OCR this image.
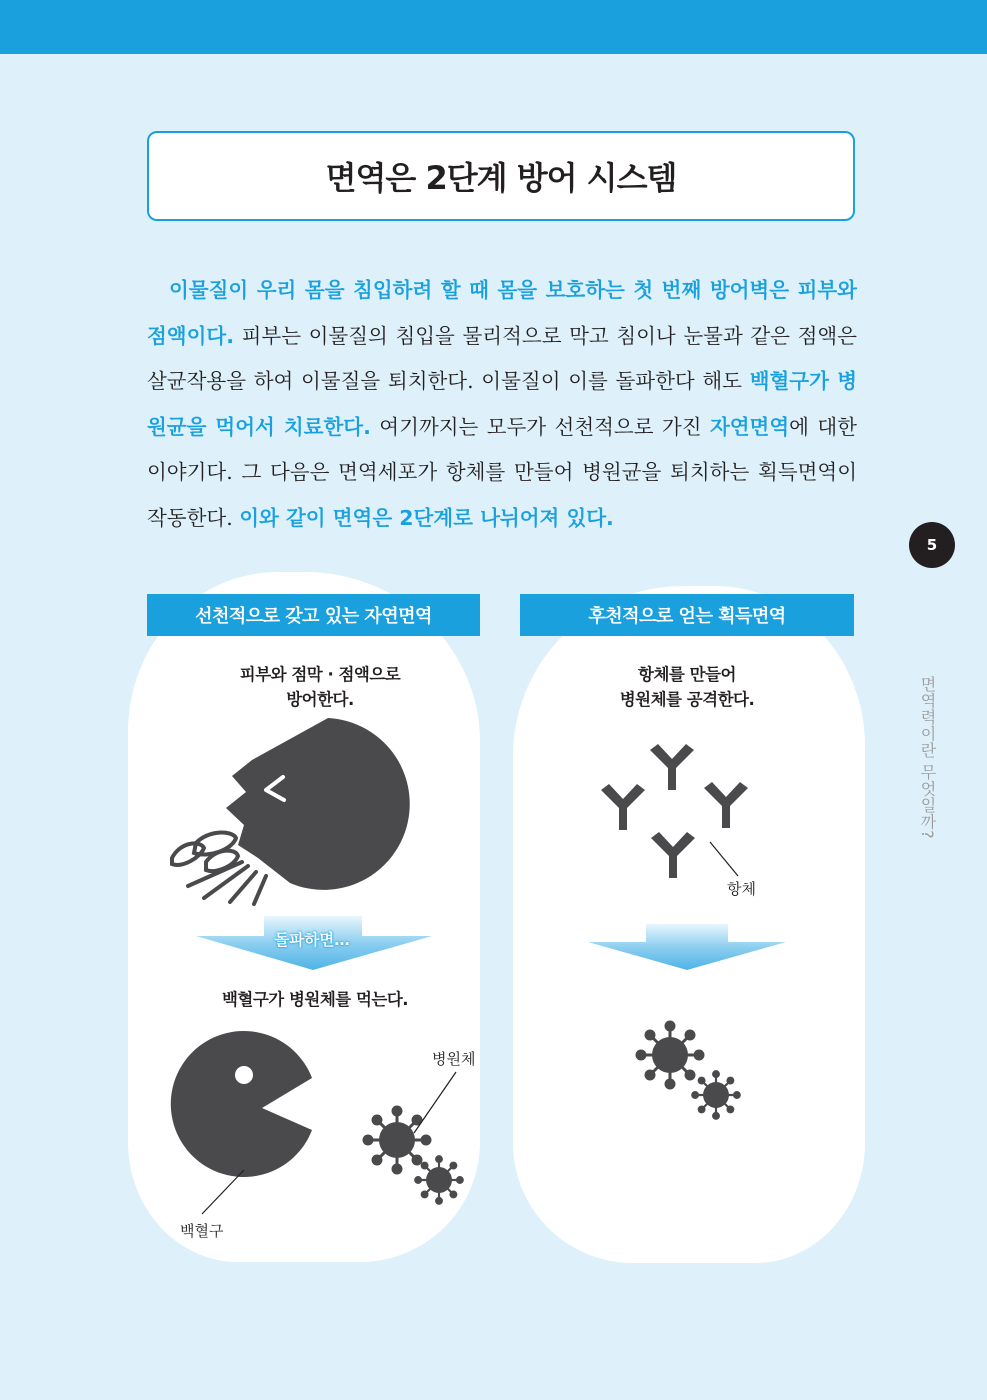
면역은 2단계 방어 시스템

이물질이 우리 몸을 침입하려 할 때 몸을 보호하는 첫 번째 방어벽은 피부와 점액이다. 피부는 이물질의 침입을 물리적으로 막고 침이나 눈물과 같은 점액은 살균작용을 하여 이물질을 퇴치한다. 이물질이 이를 돌파한다 해도 백혈구가 병원균을 먹어서 치료한다. 여기까지는 모두가 선천적으로 가진 자연면역에 대한 이야기다. 그 다음은 면역세포가 항체를 만들어 병원균을 퇴치하는 획득면역이 작동한다. 이와 같이 면역은 2단계로 나뉘어져 있다.

5
면역력이란 무엇일까?
선천적으로 갖고 있는 자연면역	후천적으로 얻는 획득면역
피부와 점막 · 점액으로
방어한다.
항체를 만들어
병원체를 공격한다.
돌파하면…
백혈구가 병원체를 먹는다.
병원체
백혈구
항체
